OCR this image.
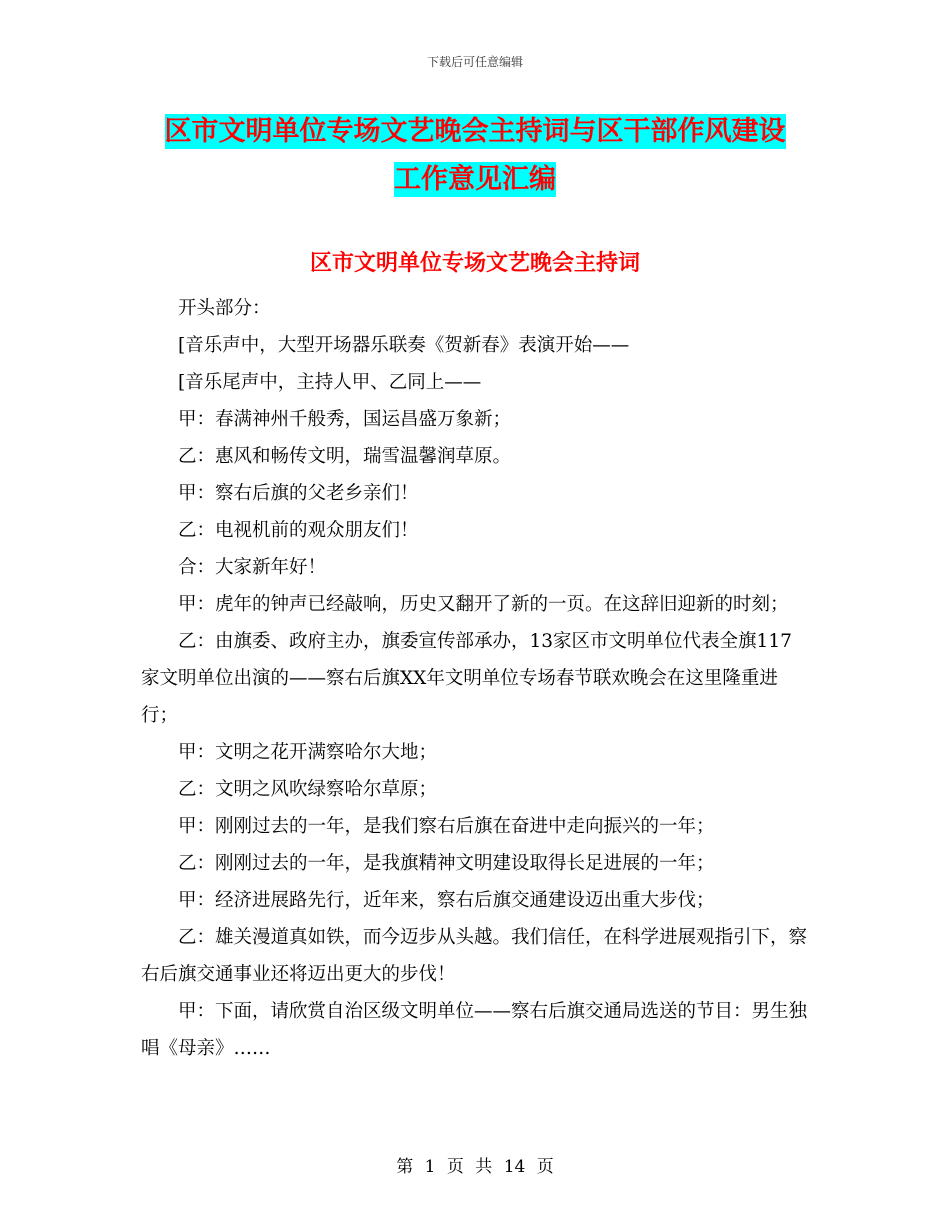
下载后可任意编辑
区市文明单位专场文艺晚会主持词与区干部作风建设
工作意见汇编
区市文明单位专场文艺晚会主持词

开头部分：

[音乐声中，大型开场器乐联奏《贺新春》表演开始——

[音乐尾声中，主持人甲、乙同上——

甲：春满神州千般秀，国运昌盛万象新；

乙：惠风和畅传文明，瑞雪温馨润草原。

甲：察右后旗的父老乡亲们！

乙：电视机前的观众朋友们！

合：大家新年好！

甲：虎年的钟声已经敲响，历史又翻开了新的一页。在这辞旧迎新的时刻；

乙：由旗委、政府主办，旗委宣传部承办，13家区市文明单位代表全旗117家文明单位出演的——察右后旗XX年文明单位专场春节联欢晚会在这里隆重进行；

甲：文明之花开满察哈尔大地；

乙：文明之风吹绿察哈尔草原；

甲：刚刚过去的一年，是我们察右后旗在奋进中走向振兴的一年；

乙：刚刚过去的一年，是我旗精神文明建设取得长足进展的一年；

甲：经济进展路先行，近年来，察右后旗交通建设迈出重大步伐；

乙：雄关漫道真如铁，而今迈步从头越。我们信任，在科学进展观指引下，察右后旗交通事业还将迈出更大的步伐！

甲：下面，请欣赏自治区级文明单位——察右后旗交通局选送的节目：男生独唱《母亲》……

第 1 页 共 14 页
